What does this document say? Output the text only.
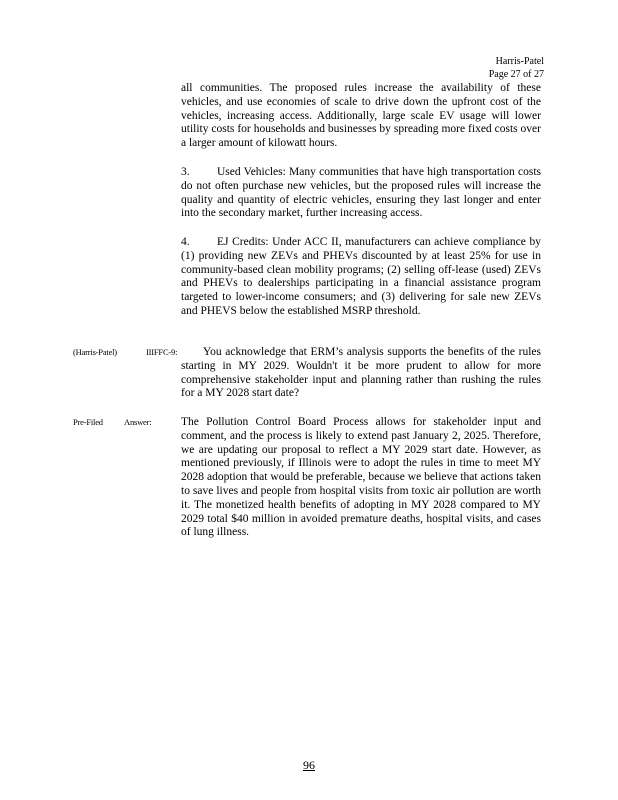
Harris-Patel
Page 27 of 27
all communities. The proposed rules increase the availability of these vehicles, and use economies of scale to drive down the upfront cost of the vehicles, increasing access. Additionally, large scale EV usage will lower utility costs for households and businesses by spreading more fixed costs over a larger amount of kilowatt hours.
3. Used Vehicles: Many communities that have high transportation costs do not often purchase new vehicles, but the proposed rules will increase the quality and quantity of electric vehicles, ensuring they last longer and enter into the secondary market, further increasing access.
4. EJ Credits: Under ACC II, manufacturers can achieve compliance by (1) providing new ZEVs and PHEVs discounted by at least 25% for use in community-based clean mobility programs; (2) selling off-lease (used) ZEVs and PHEVs to dealerships participating in a financial assistance program targeted to lower-income consumers; and (3) delivering for sale new ZEVs and PHEVS below the established MSRP threshold.
(Harris-Patel)	IIIFFC-9:	You acknowledge that ERM’s analysis supports the benefits of the rules starting in MY 2029. Wouldn't it be more prudent to allow for more comprehensive stakeholder input and planning rather than rushing the rules for a MY 2028 start date?
Pre-Filed Answer:	The Pollution Control Board Process allows for stakeholder input and comment, and the process is likely to extend past January 2, 2025. Therefore, we are updating our proposal to reflect a MY 2029 start date. However, as mentioned previously, if Illinois were to adopt the rules in time to meet MY 2028 adoption that would be preferable, because we believe that actions taken to save lives and people from hospital visits from toxic air pollution are worth it. The monetized health benefits of adopting in MY 2028 compared to MY 2029 total $40 million in avoided premature deaths, hospital visits, and cases of lung illness.
96
